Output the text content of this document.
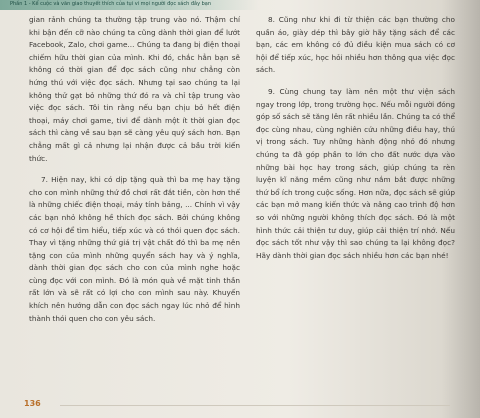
Phần 1 - Kể cuộc và văn giao thuyết thích của tụi vi mọi người đọc sách đây bạn

gian rảnh chúng ta thường tập trung vào nó. Thậm chí khi bận đến cỡ nào chúng ta cũng dành thời gian để lướt Facebook, Zalo, chơi game... Chúng ta đang bị điện thoại chiếm hữu thời gian của mình. Khi đó, chắc hẳn bạn sẽ không có thời gian để đọc sách cũng như chẳng còn hứng thú với việc đọc sách. Nhưng tại sao chúng ta lại không thử gạt bỏ những thứ đó ra và chỉ tập trung vào việc đọc sách. Tôi tin rằng nếu bạn chịu bỏ hết điện thoại, máy chơi game, tivi để dành một ít thời gian đọc sách thì càng về sau bạn sẽ càng yêu quý sách hơn. Bạn chẳng mất gì cả nhưng lại nhận được cả bầu trời kiến thức.

7. Hiện nay, khi có dịp tặng quà thì ba mẹ hay tặng cho con mình những thứ đồ chơi rất đắt tiền, còn hơn thế là những chiếc điện thoại, máy tính bảng, ... Chính vì vậy các bạn nhỏ không hề thích đọc sách. Bởi chúng không có cơ hội để tìm hiểu, tiếp xúc và có thói quen đọc sách. Thay vì tặng những thứ giá trị vật chất đó thì ba mẹ nên tặng con của mình những quyển sách hay và ý nghĩa, dành thời gian đọc sách cho con của mình nghe hoặc cùng đọc với con mình. Đó là món quà về mặt tinh thần rất lớn và sẽ rất có lợi cho con mình sau này. Khuyến khích nên hướng dẫn con đọc sách ngay lúc nhỏ để hình thành thói quen cho con yêu sách.

8. Cũng như khi đi từ thiện các bạn thường cho quần áo, giày dép thì bây giờ hãy tặng sách để các bạn, các em không có đủ điều kiện mua sách có cơ hội để tiếp xúc, học hỏi nhiều hơn thông qua việc đọc sách.

9. Cùng chung tay làm nên một thư viện sách ngay trong lớp, trong trường học. Nếu mỗi người đóng góp số sách sẽ tăng lên rất nhiều lần. Chúng ta có thể đọc cùng nhau, cùng nghiên cứu những điều hay, thú vị trong sách. Tuy những hành động nhỏ đó nhưng chúng ta đã góp phần to lớn cho đất nước dựa vào những bài học hay trong sách, giúp chúng ta rèn luyện kĩ năng mềm cũng như nắm bắt được những thứ bổ ích trong cuộc sống. Hơn nữa, đọc sách sẽ giúp các bạn mở mang kiến thức và nâng cao trình độ hơn so với những người không thích đọc sách. Đó là một hình thức cải thiện tư duy, giúp cải thiện trí nhớ. Nếu đọc sách tốt như vậy thì sao chúng ta lại không đọc? Hãy dành thời gian đọc sách nhiều hơn các bạn nhé!

136
